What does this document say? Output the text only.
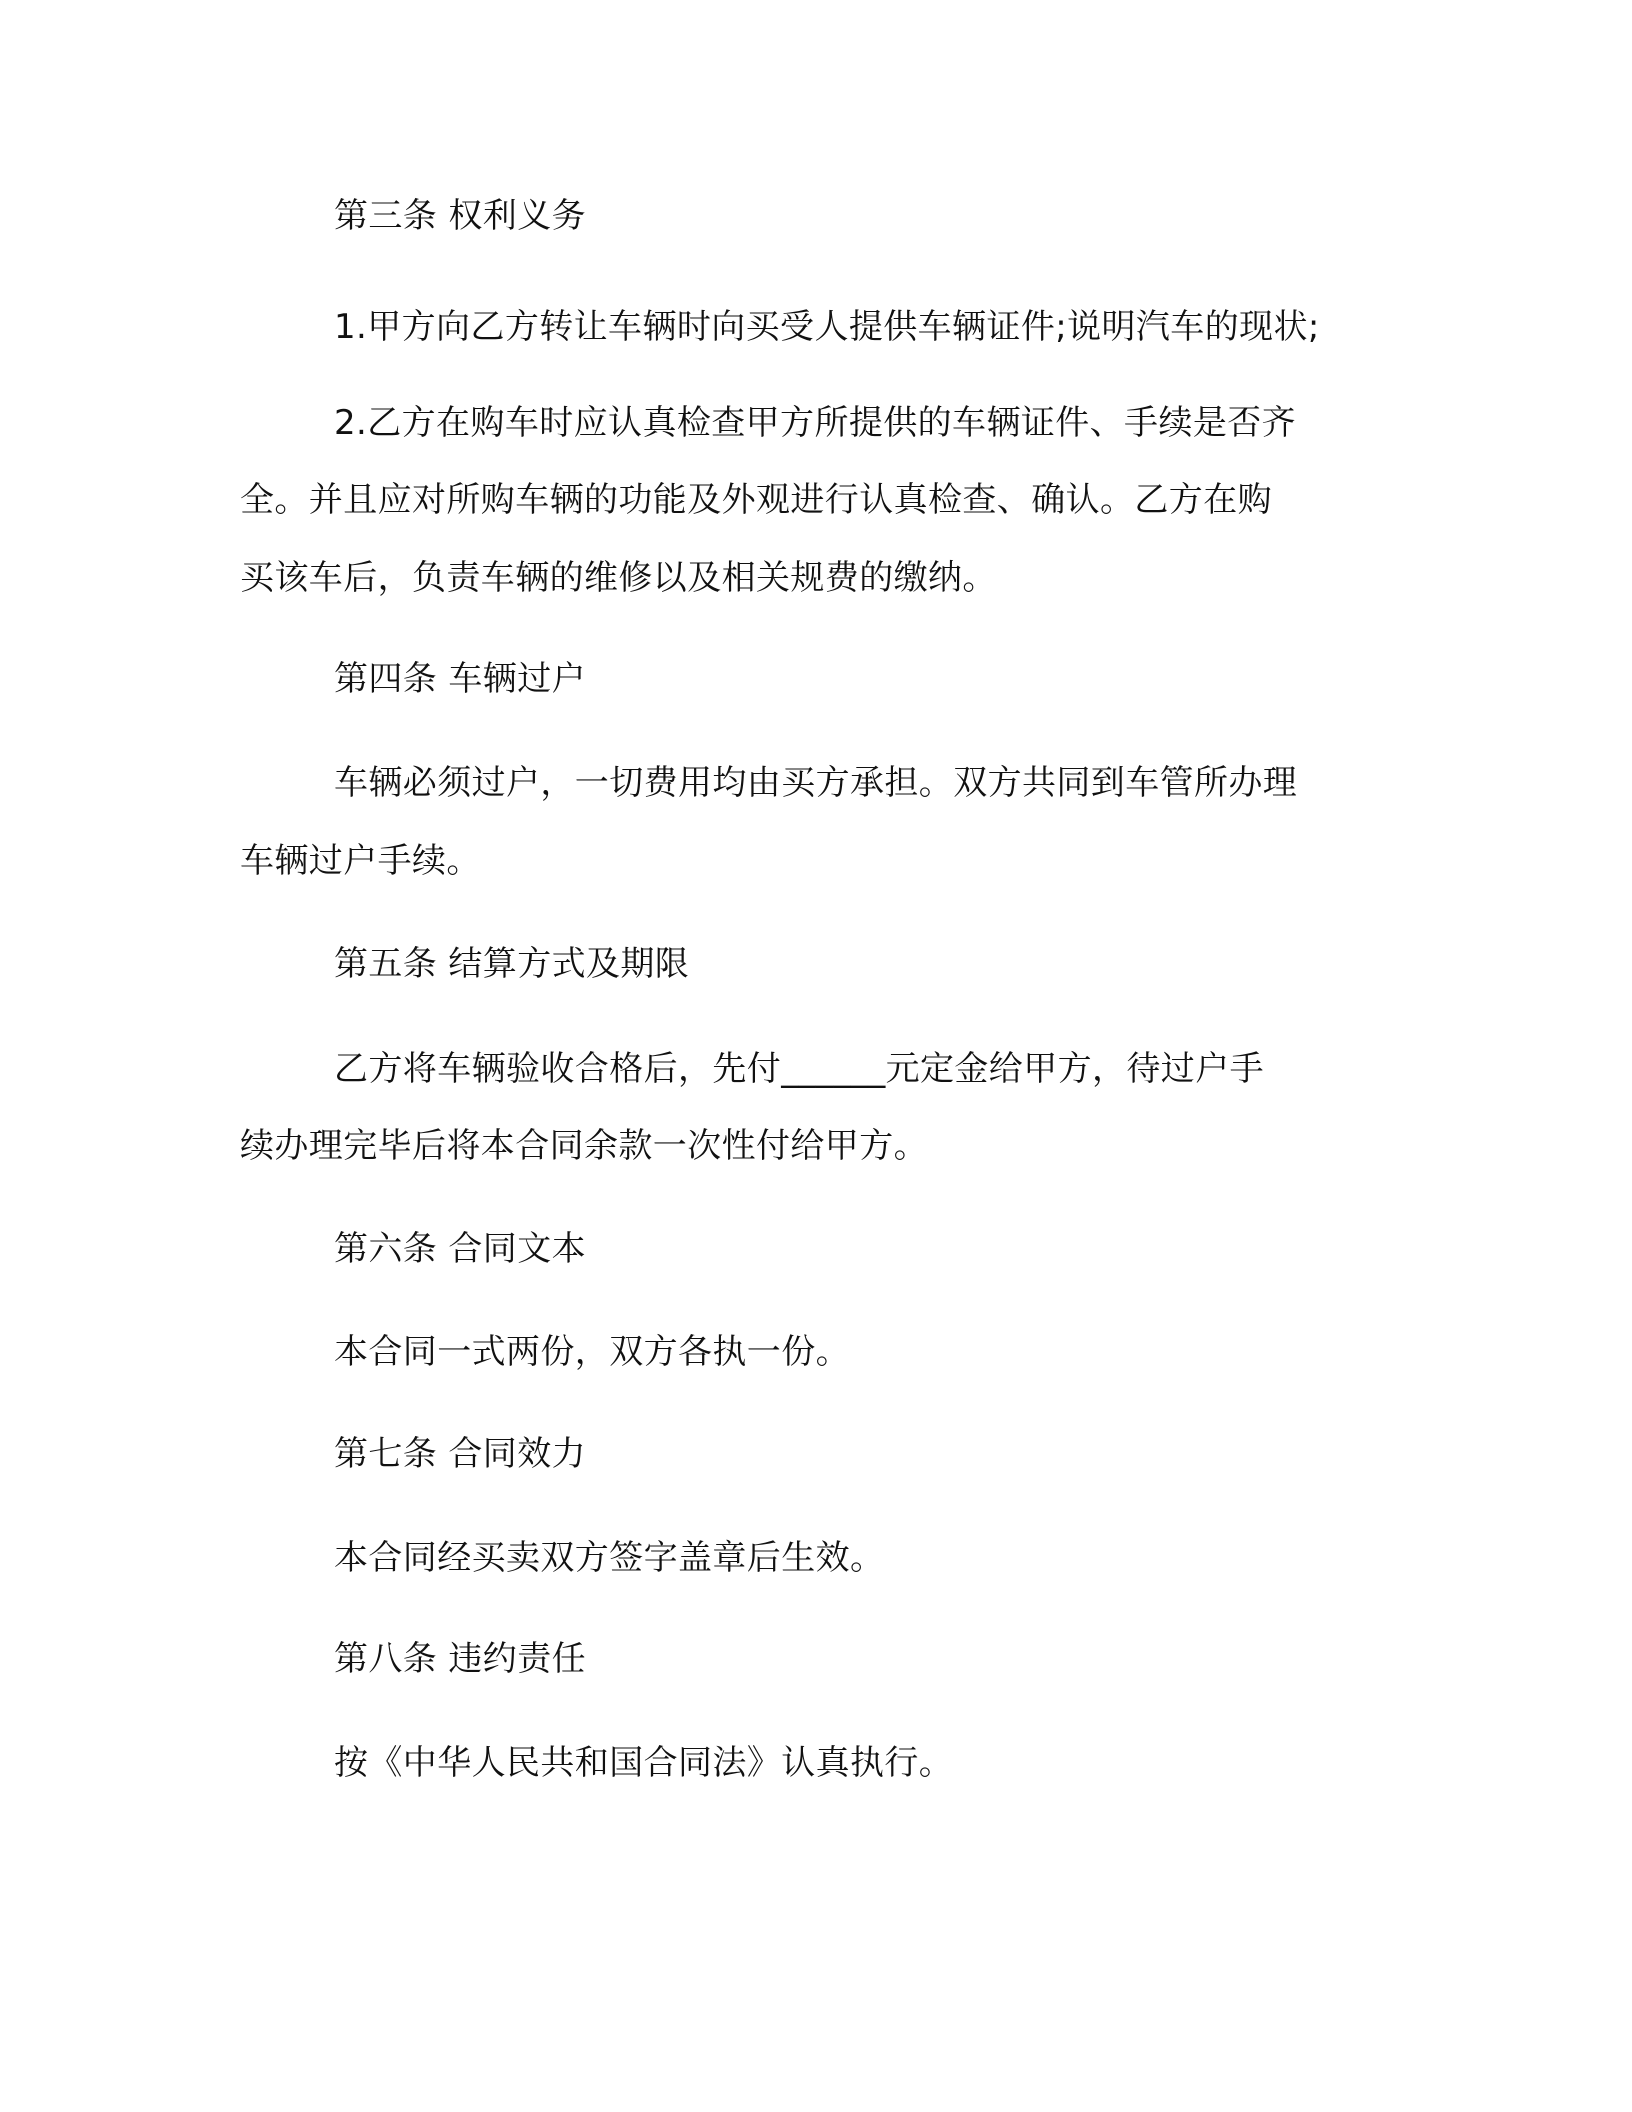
第三条 权利义务

1.甲方向乙方转让车辆时向买受人提供车辆证件;说明汽车的现状;

2.乙方在购车时应认真检查甲方所提供的车辆证件、手续是否齐

全。并且应对所购车辆的功能及外观进行认真检查、确认。乙方在购

买该车后，负责车辆的维修以及相关规费的缴纳。

第四条 车辆过户

车辆必须过户，一切费用均由买方承担。双方共同到车管所办理

车辆过户手续。

第五条 结算方式及期限

乙方将车辆验收合格后，先付______元定金给甲方，待过户手

续办理完毕后将本合同余款一次性付给甲方。

第六条 合同文本

本合同一式两份，双方各执一份。

第七条 合同效力

本合同经买卖双方签字盖章后生效。

第八条 违约责任

按《中华人民共和国合同法》认真执行。
